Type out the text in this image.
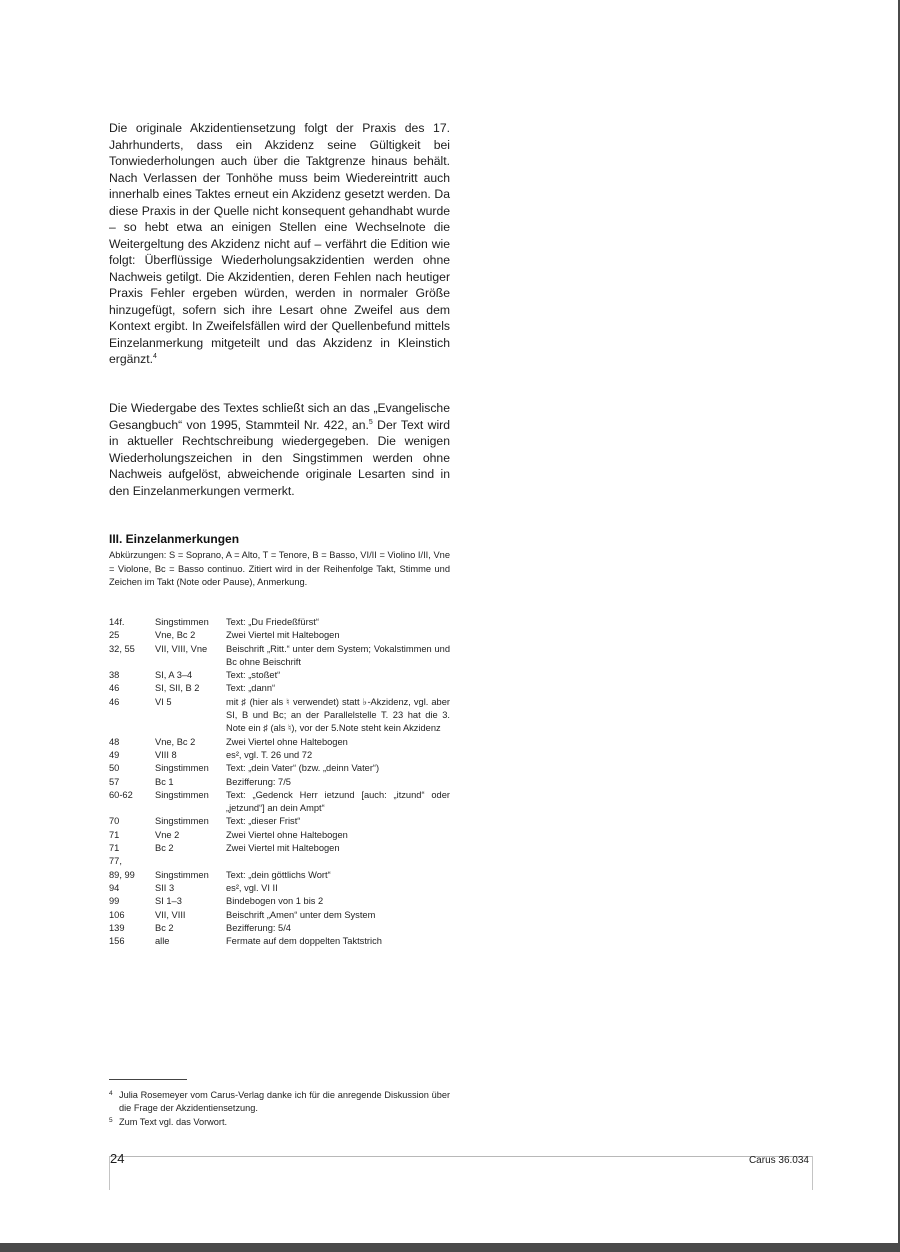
Die originale Akzidentiensetzung folgt der Praxis des 17. Jahrhunderts, dass ein Akzidenz seine Gültigkeit bei Tonwiederholungen auch über die Taktgrenze hinaus behält. Nach Verlassen der Tonhöhe muss beim Wiedereintritt auch innerhalb eines Taktes erneut ein Akzidenz gesetzt werden. Da diese Praxis in der Quelle nicht konsequent gehandhabt wurde – so hebt etwa an einigen Stellen eine Wechselnote die Weitergeltung des Akzidenz nicht auf – verfährt die Edition wie folgt: Überflüssige Wiederholungsakzidentien werden ohne Nachweis getilgt. Die Akzidentien, deren Fehlen nach heutiger Praxis Fehler ergeben würden, werden in normaler Größe hinzugefügt, sofern sich ihre Lesart ohne Zweifel aus dem Kontext ergibt. In Zweifelsfällen wird der Quellenbefund mittels Einzelanmerkung mitgeteilt und das Akzidenz in Kleinstich ergänzt.$^4$

Die Wiedergabe des Textes schließt sich an das „Evangelische Gesangbuch“ von 1995, Stammteil Nr. 422, an.$^5$ Der Text wird in aktueller Rechtschreibung wiedergegeben. Die wenigen Wiederholungszeichen in den Singstimmen werden ohne Nachweis aufgelöst, abweichende originale Lesarten sind in den Einzelanmerkungen vermerkt.

III. Einzelanmerkungen

Abkürzungen: S = Soprano, A = Alto, T = Tenore, B = Basso, VI/II = Violino I/II, Vne = Violone, Bc = Basso continuo. Zitiert wird in der Reihenfolge Takt, Stimme und Zeichen im Takt (Note oder Pause), Anmerkung.

14f.	Singstimmen	Text: „Du Friedeßfürst“
25	Vne, Bc 2	Zwei Viertel mit Haltebogen
32, 55	VII, VIII, Vne	Beischrift „Ritt.“ unter dem System; Vokalstimmen und Bc ohne Beischrift
38	SI, A 3–4	Text: „stoßet“
46	SI, SII, B 2	Text: „dann“
46	VI 5	mit ♯ (hier als ♮ verwendet) statt ♭-Akzidenz, vgl. aber SI, B und Bc; an der Parallelstelle T. 23 hat die 3. Note ein ♯ (als ♮), vor der 5.Note steht kein Akzidenz
48	Vne, Bc 2	Zwei Viertel ohne Haltebogen
49	VIII 8	es², vgl. T. 26 und 72
50	Singstimmen	Text: „dein Vater“ (bzw. „deinn Vater“)
57	Bc 1	Bezifferung: 7/5
60-62	Singstimmen	Text: „Gedenck Herr ietzund [auch: „itzund“ oder „jetzund“] an dein Ampt“
70	Singstimmen	Text: „dieser Frist“
71	Vne 2	Zwei Viertel ohne Haltebogen
71	Bc 2	Zwei Viertel mit Haltebogen
77,
89, 99	Singstimmen	Text: „dein göttlichs Wort“
94	SII 3	es², vgl. VI II
99	SI 1–3	Bindebogen von 1 bis 2
106	VII, VIII	Beischrift „Amen“ unter dem System
139	Bc 2	Bezifferung: 5/4
156	alle	Fermate auf dem doppelten Taktstrich
4 Julia Rosemeyer vom Carus-Verlag danke ich für die anregende Diskussion über die Frage der Akzidentiensetzung.
5 Zum Text vgl. das Vorwort.
24	Carus 36.034
